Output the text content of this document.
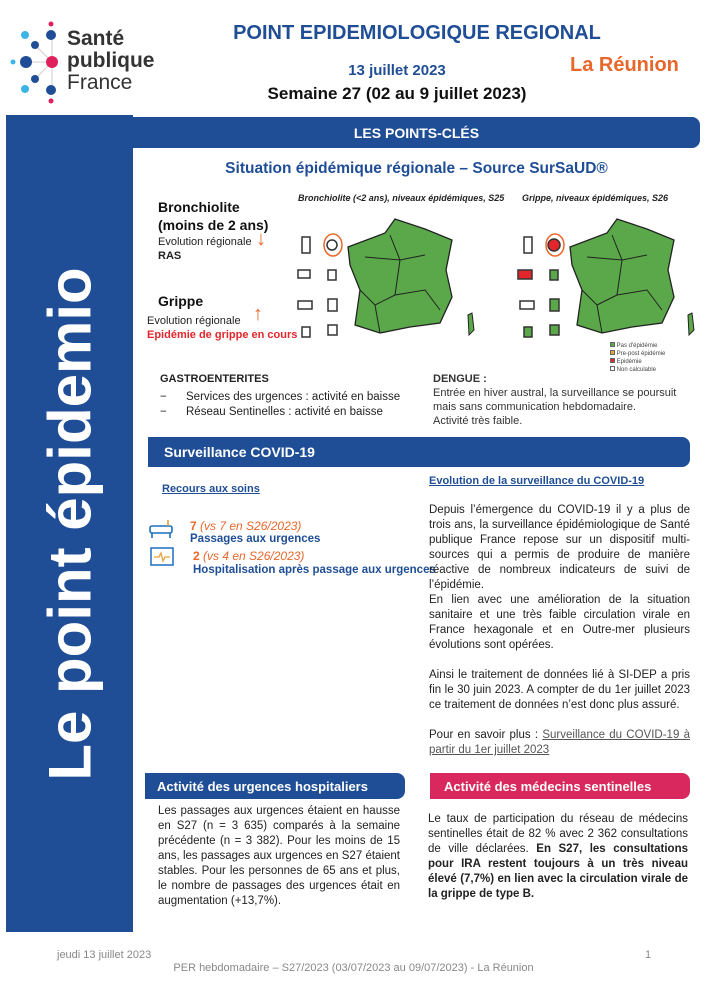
Santé
publique
France
POINT EPIDEMIOLOGIQUE REGIONAL
13 juillet 2023	La Réunion
Semaine 27 (02 au 9 juillet 2023)
Le point épidemio
LES POINTS-CLÉS
Situation épidémique régionale – Source SurSaUD®
Bronchiolite
(moins de 2 ans)
Evolution régionale ↓
RAS
Grippe
Evolution régionale ↑
Epidémie de grippe en cours
Bronchiolite (<2 ans), niveaux épidémiques, S25 Grippe, niveaux épidémiques, S26
Pas d'épidémie
Pre-post épidémie
Epidémie
Non calculable
GASTROENTERITES
− Services des urgences : activité en baisse
− Réseau Sentinelles : activité en baisse
DENGUE :
Entrée en hiver austral, la surveillance se poursuit mais sans communication hebdomadaire.
Activité très faible.
Surveillance COVID-19
Recours aux soins
7 (vs 7 en S26/2023)
Passages aux urgences
2 (vs 4 en S26/2023)
Hospitalisation après passage aux urgences
Evolution de la surveillance du COVID-19
Depuis l’émergence du COVID-19 il y a plus de trois ans, la surveillance épidémiologique de Santé publique France repose sur un dispositif multi-sources qui a permis de produire de manière réactive de nombreux indicateurs de suivi de l’épidémie.
En lien avec une amélioration de la situation sanitaire et une très faible circulation virale en France hexagonale et en Outre-mer plusieurs évolutions sont opérées.
Ainsi le traitement de données lié à SI-DEP a pris fin le 30 juin 2023. A compter de du 1er juillet 2023 ce traitement de données n’est donc plus assuré.
Pour en savoir plus : Surveillance du COVID-19 à partir du 1er juillet 2023
Activité des urgences hospitaliers	Activité des médecins sentinelles
Les passages aux urgences étaient en hausse en S27 (n = 3 635) comparés à la semaine précédente (n = 3 382). Pour les moins de 15 ans, les passages aux urgences en S27 étaient stables. Pour les personnes de 65 ans et plus, le nombre de passages des urgences était en augmentation (+13,7%).
Le taux de participation du réseau de médecins sentinelles était de 82 % avec 2 362 consultations de ville déclarées. En S27, les consultations pour IRA restent toujours à un très niveau élevé (7,7%) en lien avec la circulation virale de la grippe de type B.
jeudi 13 juillet 2023	1
PER hebdomadaire – S27/2023 (03/07/2023 au 09/07/2023) - La Réunion
